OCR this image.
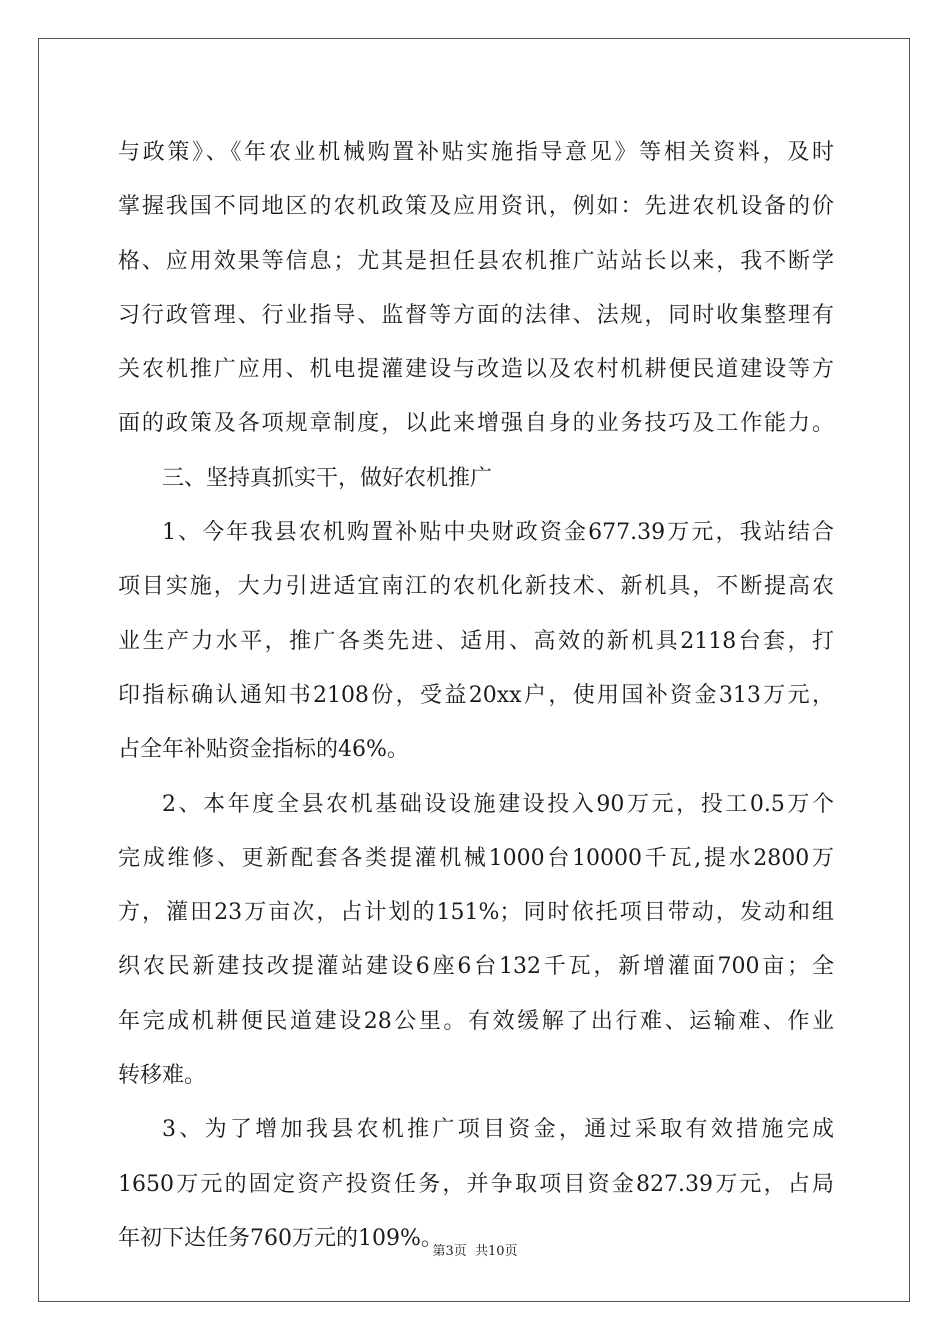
与政策》、《年农业机械购置补贴实施指导意见》等相关资料，及时
掌握我国不同地区的农机政策及应用资讯，例如：先进农机设备的价
格、应用效果等信息；尤其是担任县农机推广站站长以来，我不断学
习行政管理、行业指导、监督等方面的法律、法规，同时收集整理有
关农机推广应用、机电提灌建设与改造以及农村机耕便民道建设等方
面的政策及各项规章制度，以此来增强自身的业务技巧及工作能力。
三、坚持真抓实干，做好农机推广
1、今年我县农机购置补贴中央财政资金677.39万元，我站结合
项目实施，大力引进适宜南江的农机化新技术、新机具，不断提高农
业生产力水平，推广各类先进、适用、高效的新机具2118台套，打
印指标确认通知书2108份，受益20xx户，使用国补资金313万元，
占全年补贴资金指标的46%。
2、本年度全县农机基础设设施建设投入90万元，投工0.5万个
完成维修、更新配套各类提灌机械1000台10000千瓦,提水2800万
方，灌田23万亩次，占计划的151%；同时依托项目带动，发动和组
织农民新建技改提灌站建设6座6台132千瓦，新增灌面700亩；全
年完成机耕便民道建设28公里。有效缓解了出行难、运输难、作业
转移难。
3、为了增加我县农机推广项目资金，通过采取有效措施完成
1650万元的固定资产投资任务，并争取项目资金827.39万元，占局
年初下达任务760万元的109%。
第3页 共10页
